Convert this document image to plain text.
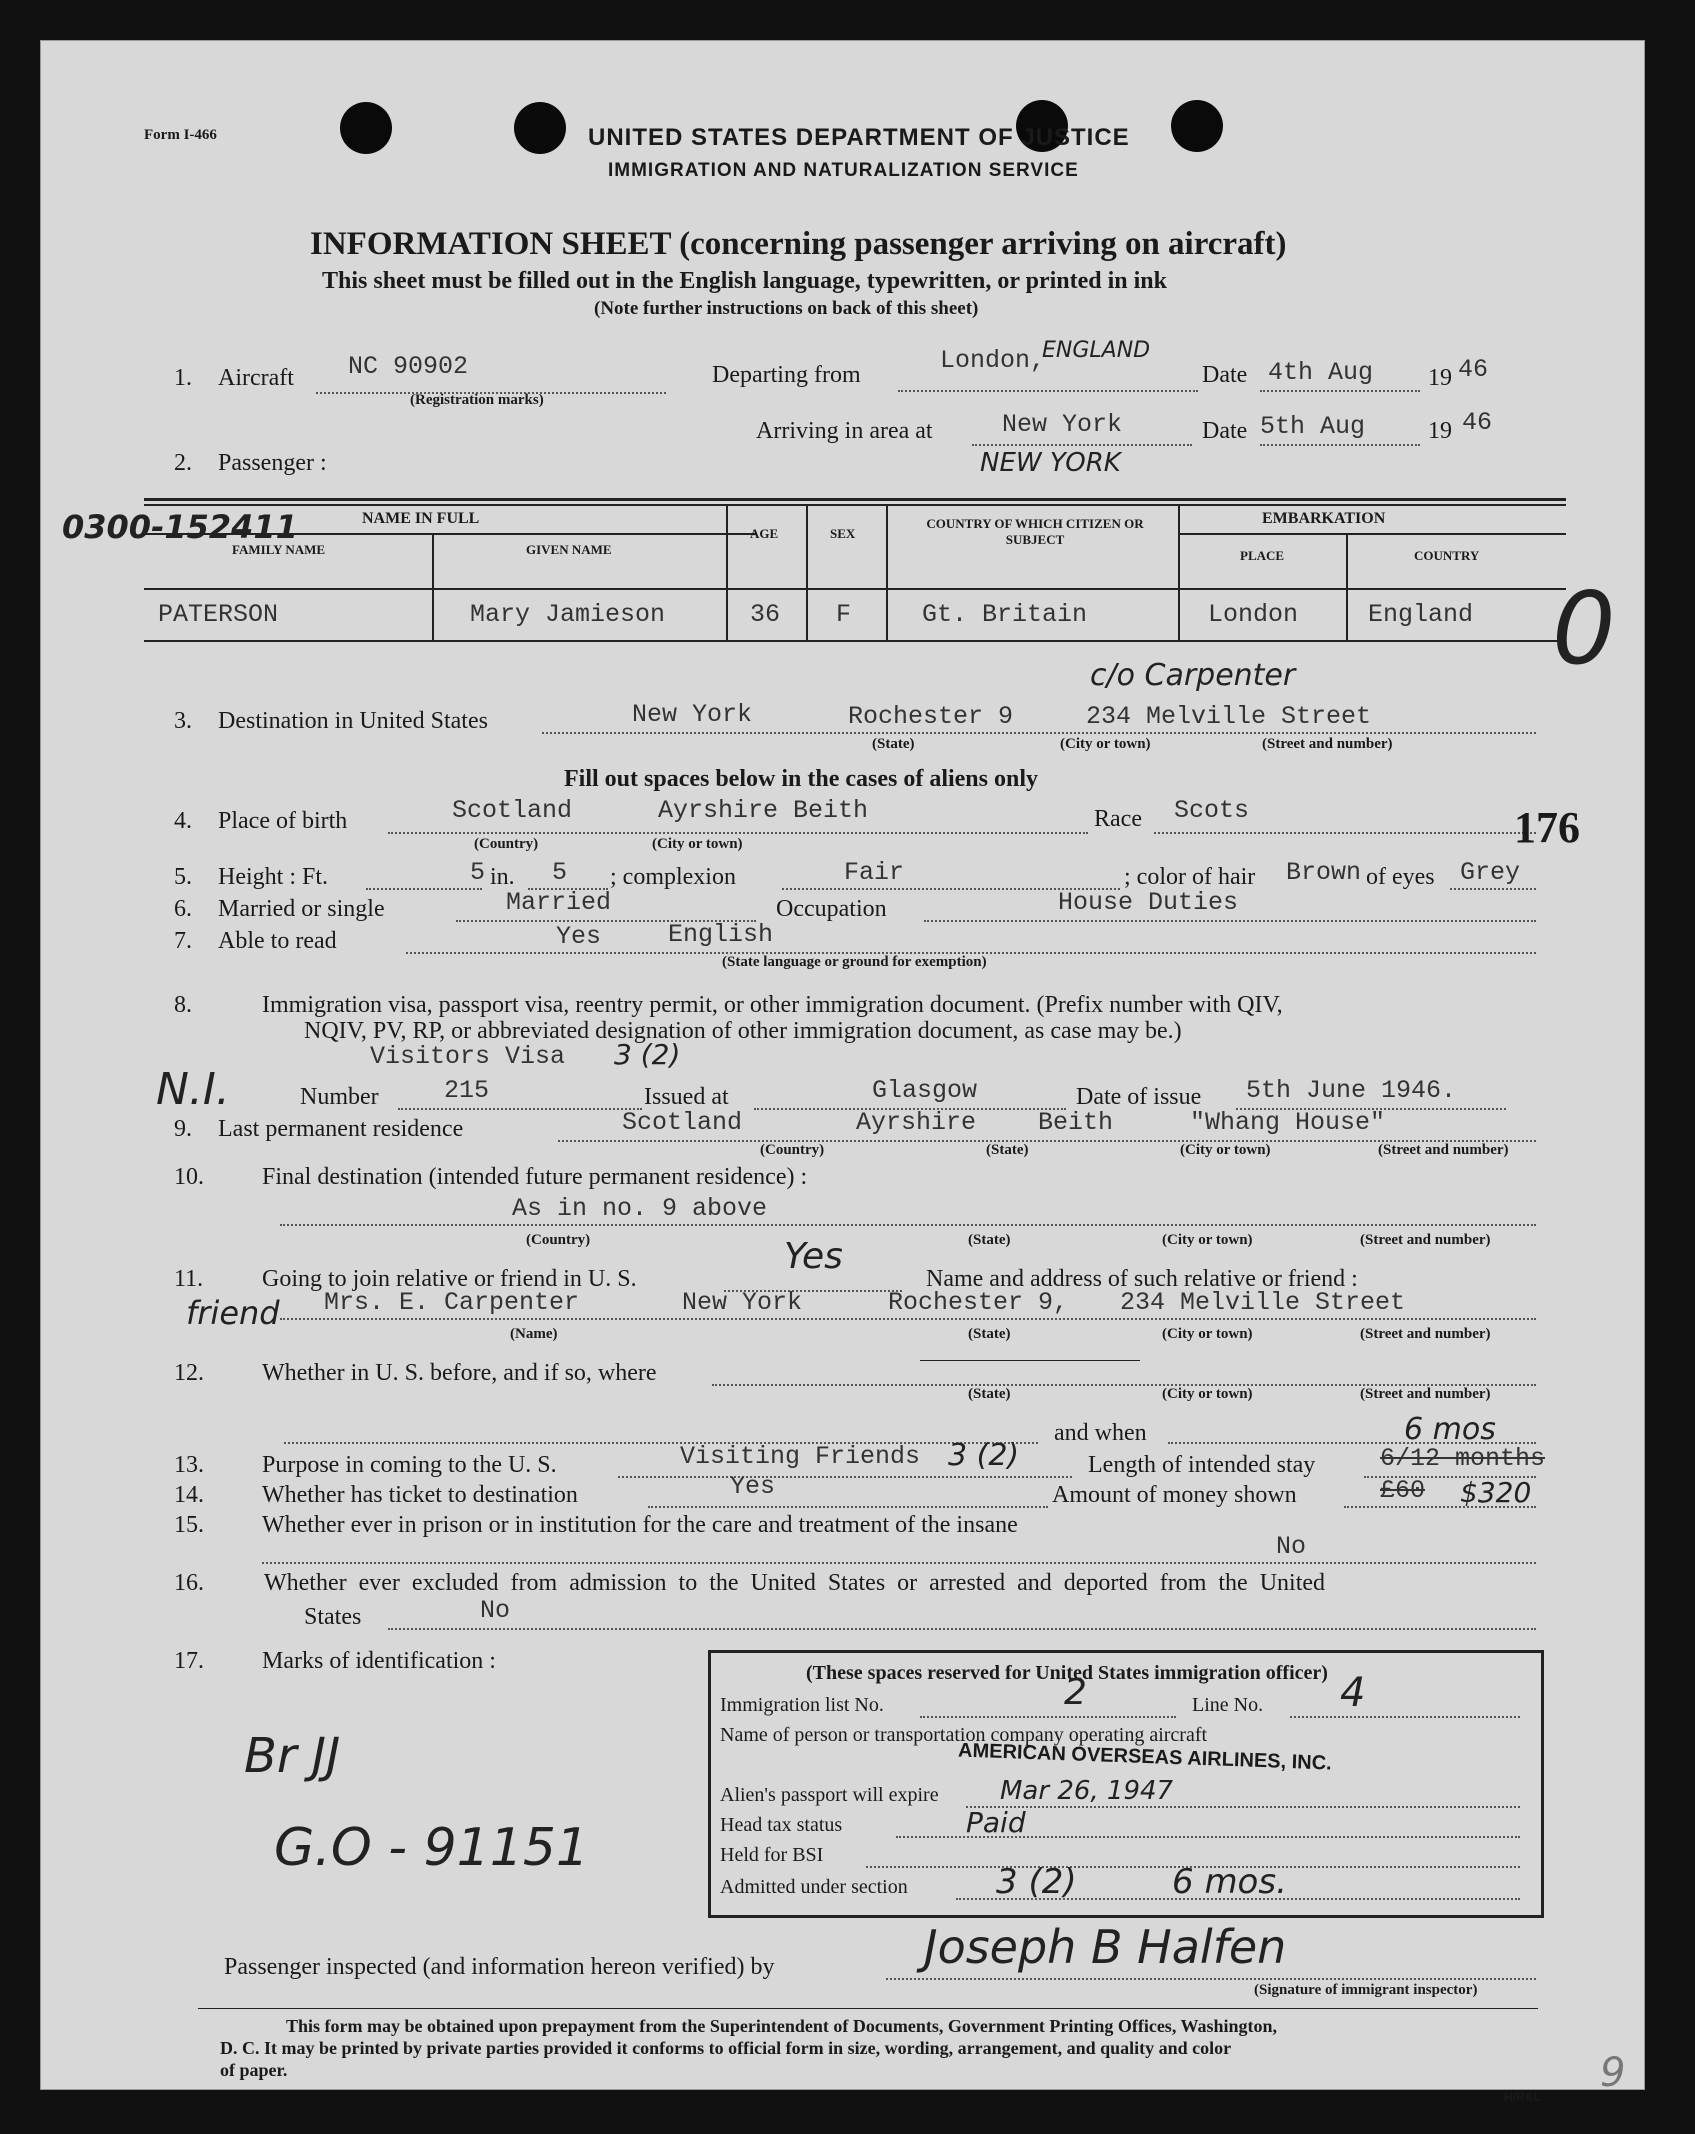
Form I-466	UNITED STATES DEPARTMENT OF JUSTICE
IMMIGRATION AND NATURALIZATION SERVICE
INFORMATION SHEET (concerning passenger arriving on aircraft)
This sheet must be filled out in the English language, typewritten, or printed in ink
(Note further instructions on back of this sheet)
1. Aircraft NC 90902
(Registration marks)
Departing from	London,
ENGLAND
Date 4th Aug 19 46
Arriving in area at	New York
NEW YORK
Date 5th Aug	19 46
2. Passenger :
0300-152411	NAME IN FULL
FAMILY NAME	GIVEN NAME
AGE	SEX
COUNTRY OF WHICH CITIZEN OR SUBJECT
EMBARKATION
PLACE	COUNTRY
PATERSON	Mary Jamieson	36 F	Gt. Britain	London	England 0
3. Destination in United States	New York	Rochester 9	234 Melville Street
c/o Carpenter
(State)	(City or town)	(Street and number)
Fill out spaces below in the cases of aliens only
4. Place of birth	Scotland	Ayrshire Beith
(Country)	(City or town)
Race Scots	176
5. Height : Ft.	5 in. 5 ; complexion	Fair	; color of hair Brown of eyes Grey
6. Married or single	Married	Occupation	House Duties
7. Able to read	Yes	English
(State language or ground for exemption)
8.	Immigration visa, passport visa, reentry permit, or other immigration document. (Prefix number with QIV,
NQIV, PV, RP, or abbreviated designation of other immigration document, as case may be.)
Visitors Visa 3 (2)
N.I.	Number	215	Issued at	Glasgow	Date of issue 5th June 1946.
9. Last permanent residence	Scotland	Ayrshire Beith	"Whang House"
(Country)	(State)	(City or town)	(Street and number)
10. Final destination (intended future permanent residence) :
As in no. 9 above
(Country)	(State)	(City or town)	(Street and number)
11. Going to join relative or friend in U. S.
Yes
Name and address of such relative or friend :
Mrs. E. Carpenter	New York	Rochester 9, 234 Melville Street
friend
(Name)	(State)	(City or town)	(Street and number)
12. Whether in U. S. before, and if so, where
(State)	(City or town)	(Street and number)
and when
13. Purpose in coming to the U. S.	Visiting Friends 3 (2)	Length of intended stay	6/12 months
6 mos
14. Whether has ticket to destination	Yes	Amount of money shown	£60 $320
15. Whether ever in prison or in institution for the care and treatment of the insane
No
16.	Whether ever excluded from admission to the United States or arrested and deported from the United
States	No
17. Marks of identification :
Br JJ
G.O - 91151
(These spaces reserved for United States immigration officer)
Immigration list No.	2	Line No. 4
Name of person or transportation company operating aircraft
AMERICAN OVERSEAS AIRLINES, INC.
Alien's passport will expire Mar 26, 1947
Head tax status	Paid
Held for BSI
Admitted under section	3 (2)	6 mos.
Passenger inspected (and information hereon verified) by	Joseph B Halfen
(Signature of immigrant inspector)
This form may be obtained upon prepayment from the Superintendent of Documents, Government Printing Offices, Washington,
D. C. It may be printed by private parties provided it conforms to official form in size, wording, arrangement, and quality and color
of paper.
H/R&L
9
